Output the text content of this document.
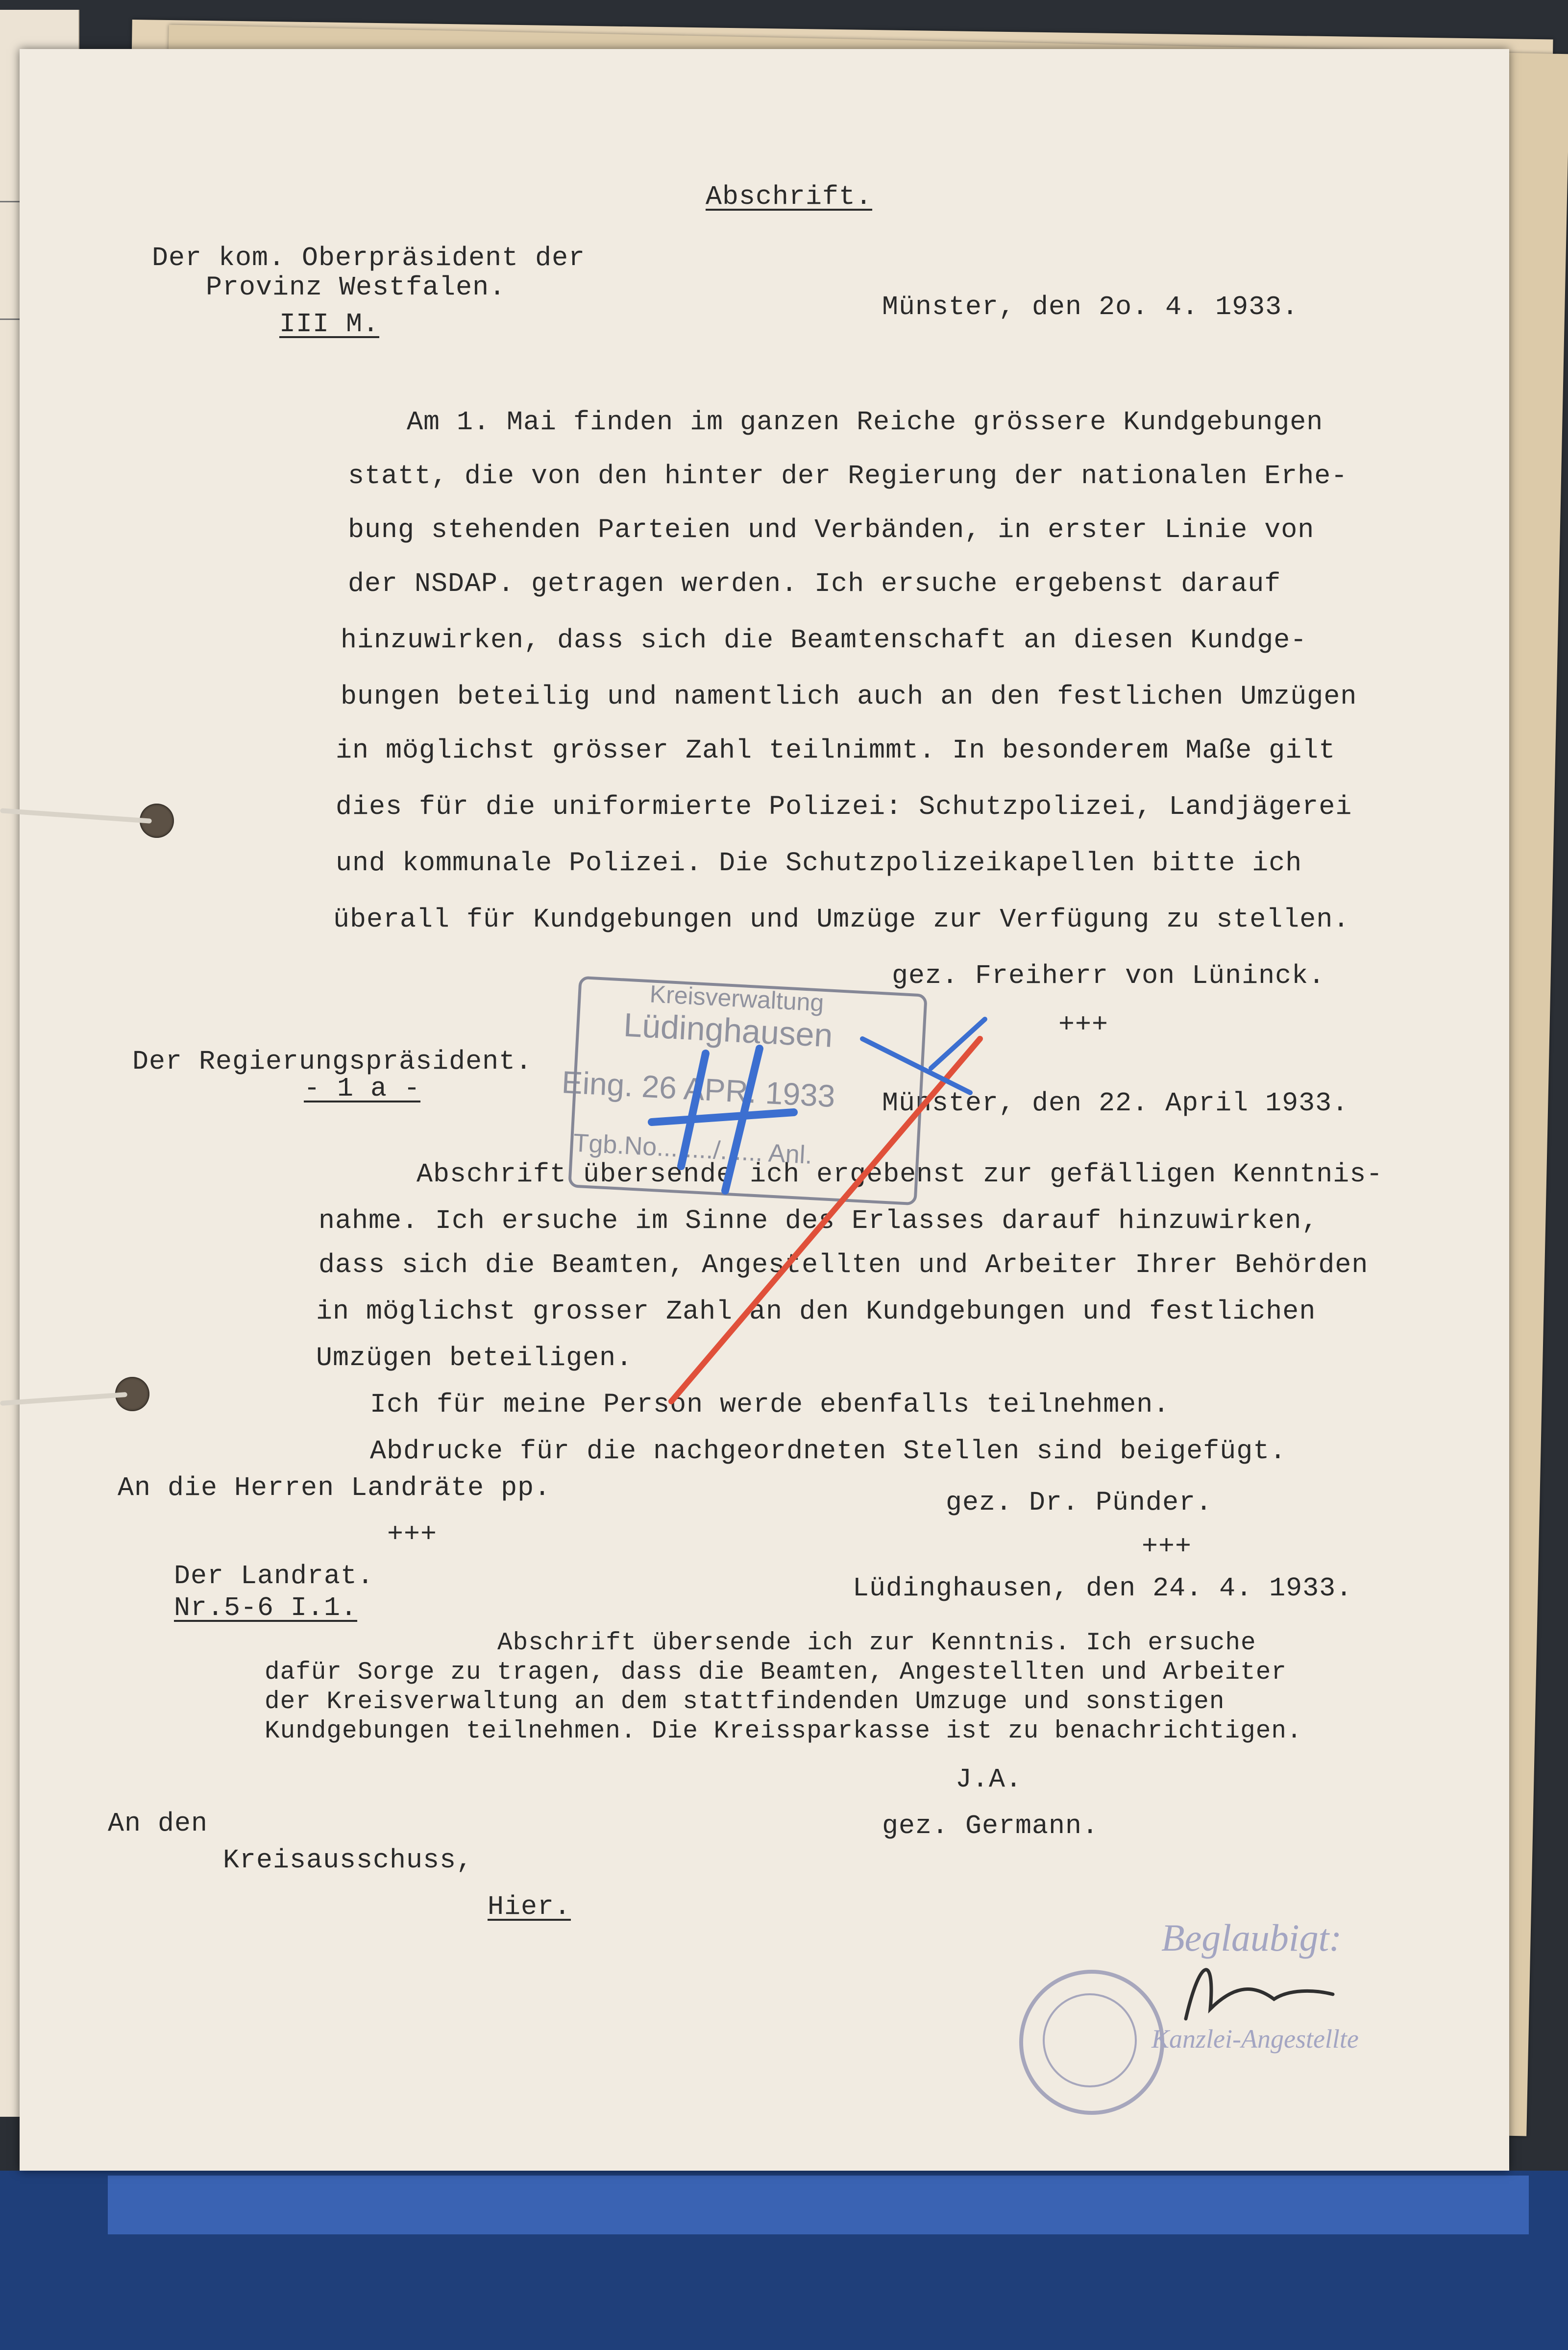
Abschrift.
Der kom. Oberpräsident der
Provinz Westfalen.
III M.
Münster, den 2o. 4. 1933.
Am 1. Mai finden im ganzen Reiche grössere Kundgebungen
statt, die von den hinter der Regierung der nationalen Erhe-
bung stehenden Parteien und Verbänden, in erster Linie von
der NSDAP. getragen werden. Ich ersuche ergebenst darauf
hinzuwirken, dass sich die Beamtenschaft an diesen Kundge-
bungen beteilig und namentlich auch an den festlichen Umzügen
in möglichst grösser Zahl teilnimmt. In besonderem Maße gilt
dies für die uniformierte Polizei: Schutzpolizei, Landjägerei
und kommunale Polizei. Die Schutzpolizeikapellen bitte ich
überall für Kundgebungen und Umzüge zur Verfügung zu stellen.
gez. Freiherr von Lüninck.
+++
Der Regierungspräsident.
- 1 a -	Münster, den 22. April 1933.
Abschrift übersende ich ergebenst zur gefälligen Kenntnis-
nahme. Ich ersuche im Sinne des Erlasses darauf hinzuwirken,
dass sich die Beamten, Angestellten und Arbeiter Ihrer Behörden
in möglichst grosser Zahl an den Kundgebungen und festlichen
Umzügen beteiligen.
Ich für meine Person werde ebenfalls teilnehmen.
Abdrucke für die nachgeordneten Stellen sind beigefügt.
An die Herren Landräte pp.	gez. Dr. Pünder.
+++	+++
Der Landrat.
Nr.5-6 I.1.
Lüdinghausen, den 24. 4. 1933.
Abschrift übersende ich zur Kenntnis. Ich ersuche
dafür Sorge zu tragen, dass die Beamten, Angestellten und Arbeiter
der Kreisverwaltung an dem stattfindenden Umzuge und sonstigen
Kundgebungen teilnehmen. Die Kreissparkasse ist zu benachrichtigen.
J.A.
gez. Germann.
An den
Kreisausschuss,
Hier.
Kreisverwaltung
Lüdinghausen
Eing. 26 APR. 1933
Tgb.No......../...... Anl.
Beglaubigt:
Kanzlei-Angestellte
